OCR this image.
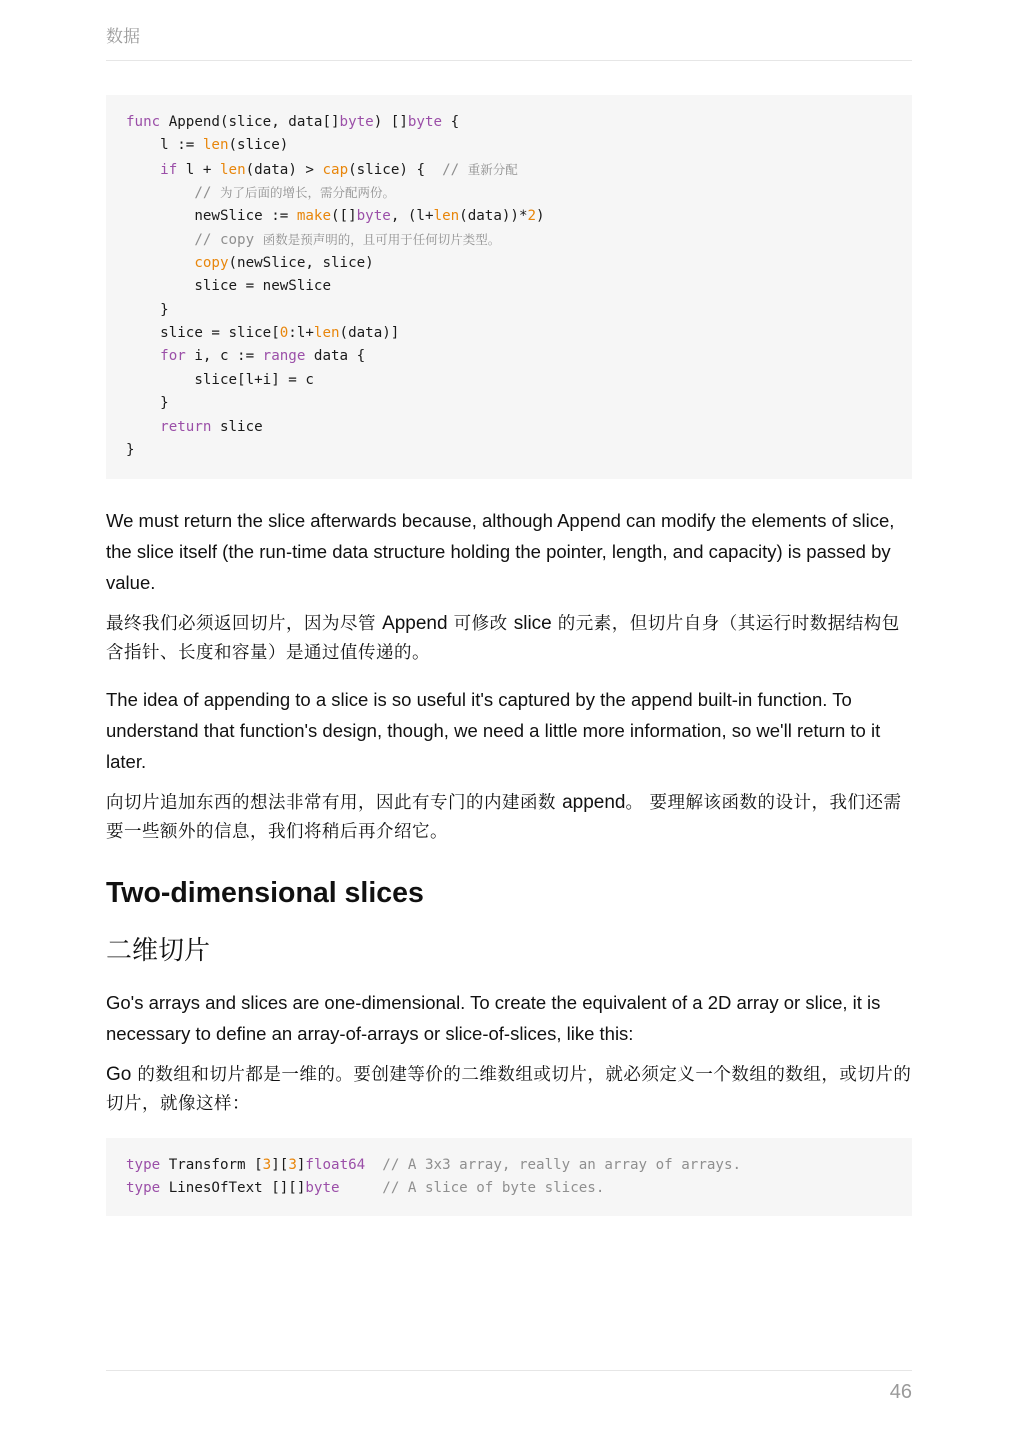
数据
func Append(slice, data[]byte) []byte {
l := len(slice)
if l + len(data) > cap(slice) {  // 重新分配
// 为了后面的增长，需分配两份。
newSlice := make([]byte, (l+len(data))*2)
// copy 函数是预声明的，且可用于任何切片类型。
copy(newSlice, slice)
slice = newSlice
}
slice = slice[0:l+len(data)]
for i, c := range data {
slice[l+i] = c
}
return slice
}

We must return the slice afterwards because, although Append can modify the elements of slice, the slice itself (the run-time data structure holding the pointer, length, and capacity) is passed by value.

最终我们必须返回切片，因为尽管 Append 可修改 slice 的元素，但切片自身（其运行时数据结构包含指针、长度和容量）是通过值传递的。

The idea of appending to a slice is so useful it's captured by the append built-in function. To understand that function's design, though, we need a little more information, so we'll return to it later.

向切片追加东西的想法非常有用，因此有专门的内建函数 append。 要理解该函数的设计，我们还需要一些额外的信息，我们将稍后再介绍它。

Two-dimensional slices
二维切片

Go's arrays and slices are one-dimensional. To create the equivalent of a 2D array or slice, it is necessary to define an array-of-arrays or slice-of-slices, like this:

Go 的数组和切片都是一维的。要创建等价的二维数组或切片，就必须定义一个数组的数组，或切片的切片，就像这样：

type Transform [3][3]float64 // A 3x3 array, really an array of arrays.
type LinesOfText [][]byte	// A slice of byte slices.
46
